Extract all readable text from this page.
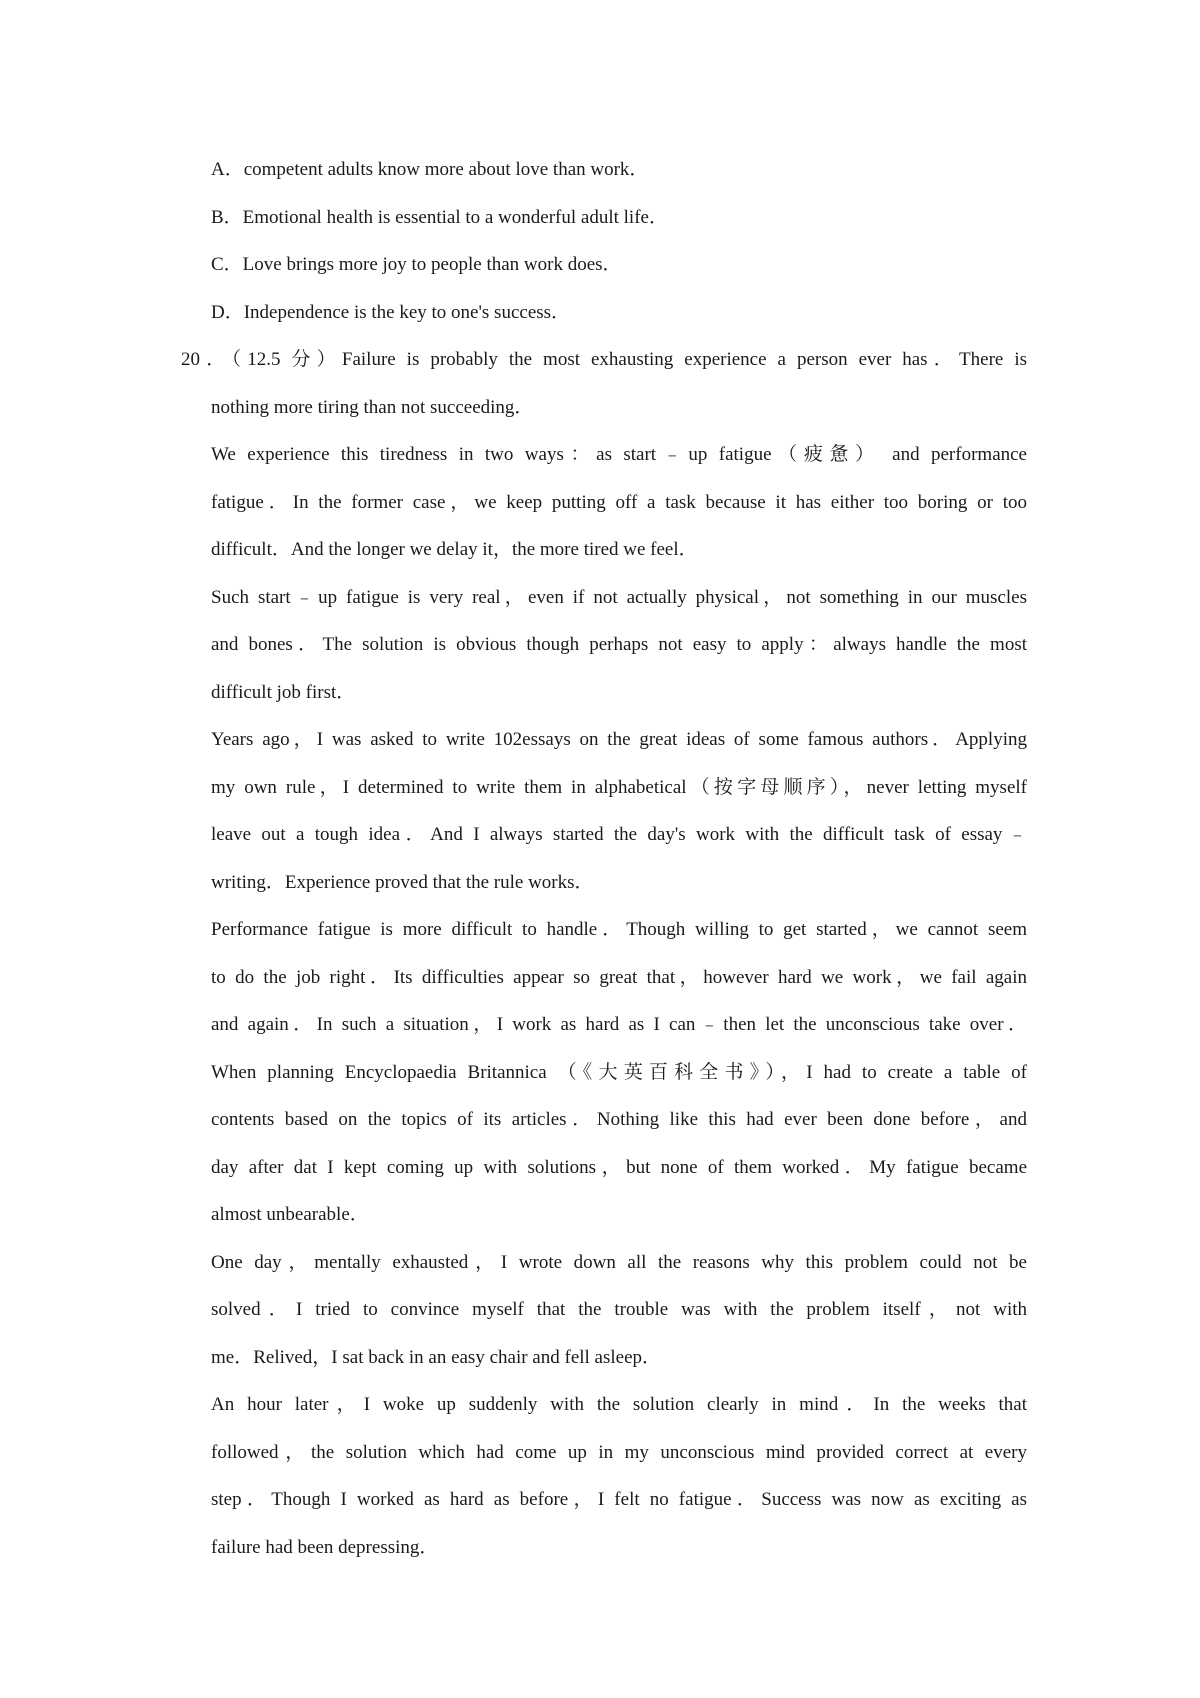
A．competent adults know more about love than work．
B．Emotional health is essential to a wonderful adult life．
C．Love brings more joy to people than work does．
D．Independence is the key to one's success．
20．（12.5 分）Failure is probably the most exhausting experience a person ever has．There is
nothing more tiring than not succeeding．
We experience this tiredness in two ways：as start﹣up fatigue（疲惫） and performance
fatigue．In the former case，we keep putting off a task because it has either too boring or too
difficult．And the longer we delay it，the more tired we feel．
Such start﹣up fatigue is very real，even if not actually physical，not something in our muscles
and bones．The solution is obvious though perhaps not easy to apply：always handle the most
difficult job first．
Years ago，I was asked to write 102essays on the great ideas of some famous authors．Applying
my own rule，I determined to write them in alphabetical（按字母顺序），never letting myself
leave out a tough idea．And I always started the day's work with the difficult task of essay﹣
writing．Experience proved that the rule works．
Performance fatigue is more difficult to handle．Though willing to get started，we cannot seem
to do the job right．Its difficulties appear so great that，however hard we work，we fail again
and again．In such a situation，I work as hard as I can﹣then let the unconscious take over．
When planning Encyclopaedia Britannica （《大英百科全书》），I had to create a table of
contents based on the topics of its articles．Nothing like this had ever been done before，and
day after dat I kept coming up with solutions，but none of them worked．My fatigue became
almost unbearable．
One day，mentally exhausted，I wrote down all the reasons why this problem could not be
solved．I tried to convince myself that the trouble was with the problem itself，not with
me．Relived，I sat back in an easy chair and fell asleep．
An hour later，I woke up suddenly with the solution clearly in mind．In the weeks that
followed，the solution which had come up in my unconscious mind provided correct at every
step．Though I worked as hard as before，I felt no fatigue．Success was now as exciting as
failure had been depressing．
